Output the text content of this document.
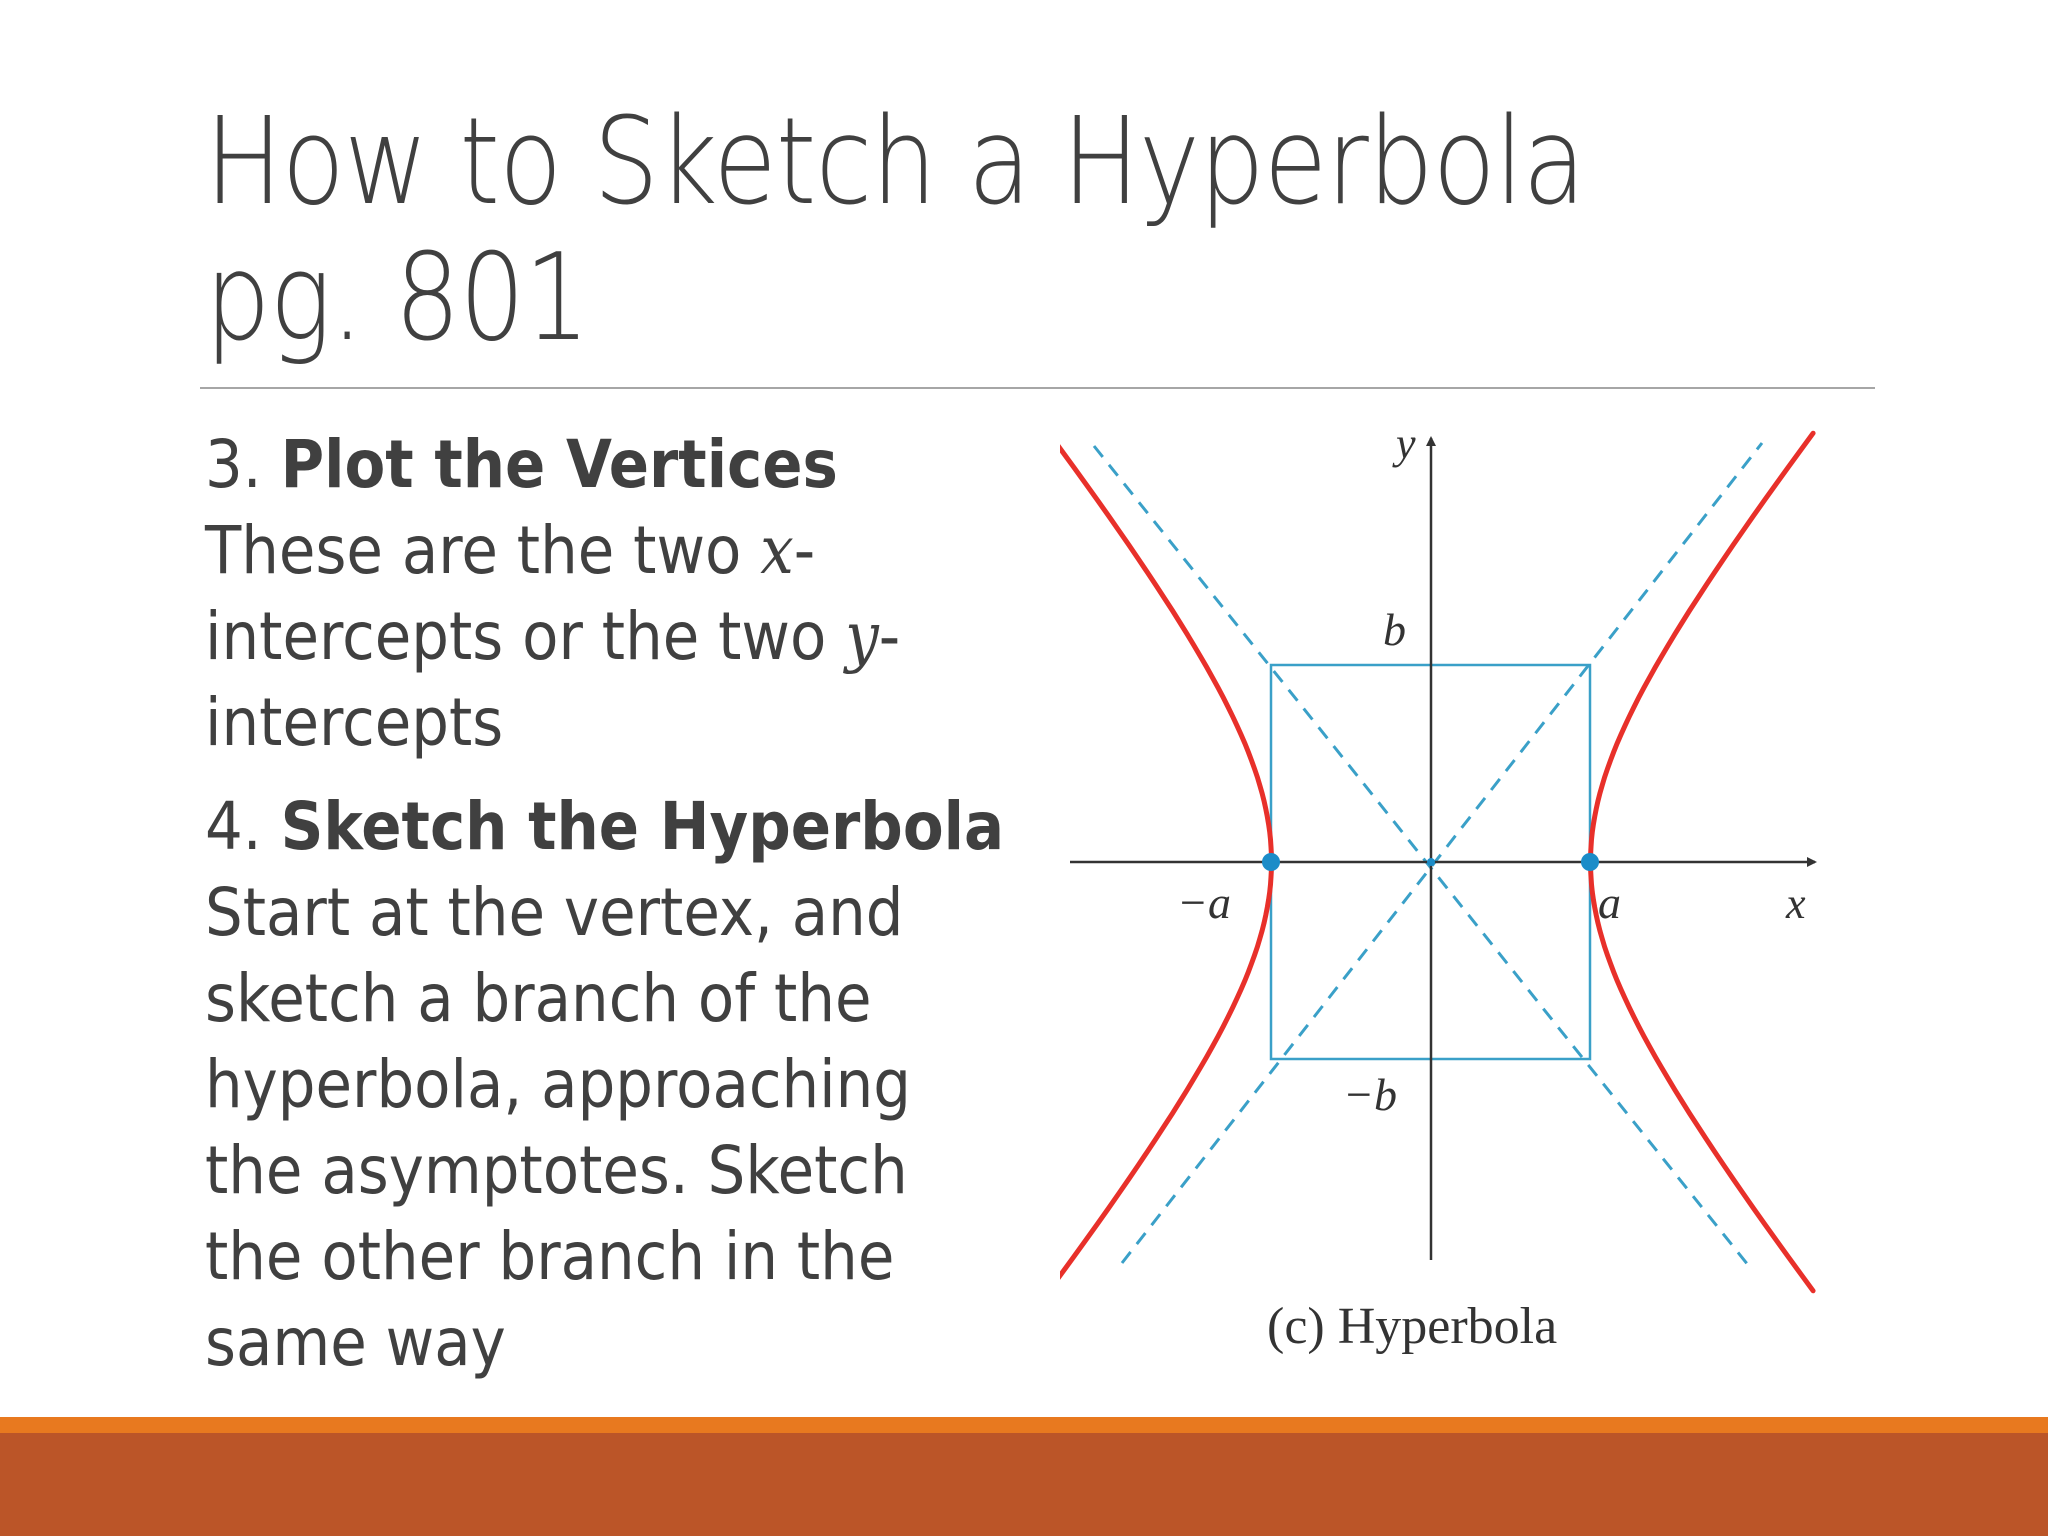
How to Sketch a Hyperbola pg. 801

3. Plot the Vertices
These are the two x-intercepts or the two y-intercepts

4. Sketch the Hyperbola
Start at the vertex, and sketch a branch of the hyperbola, approaching the asymptotes. Sketch the other branch in the same way

y
x
b
−b
a
−a
(c) Hyperbola
